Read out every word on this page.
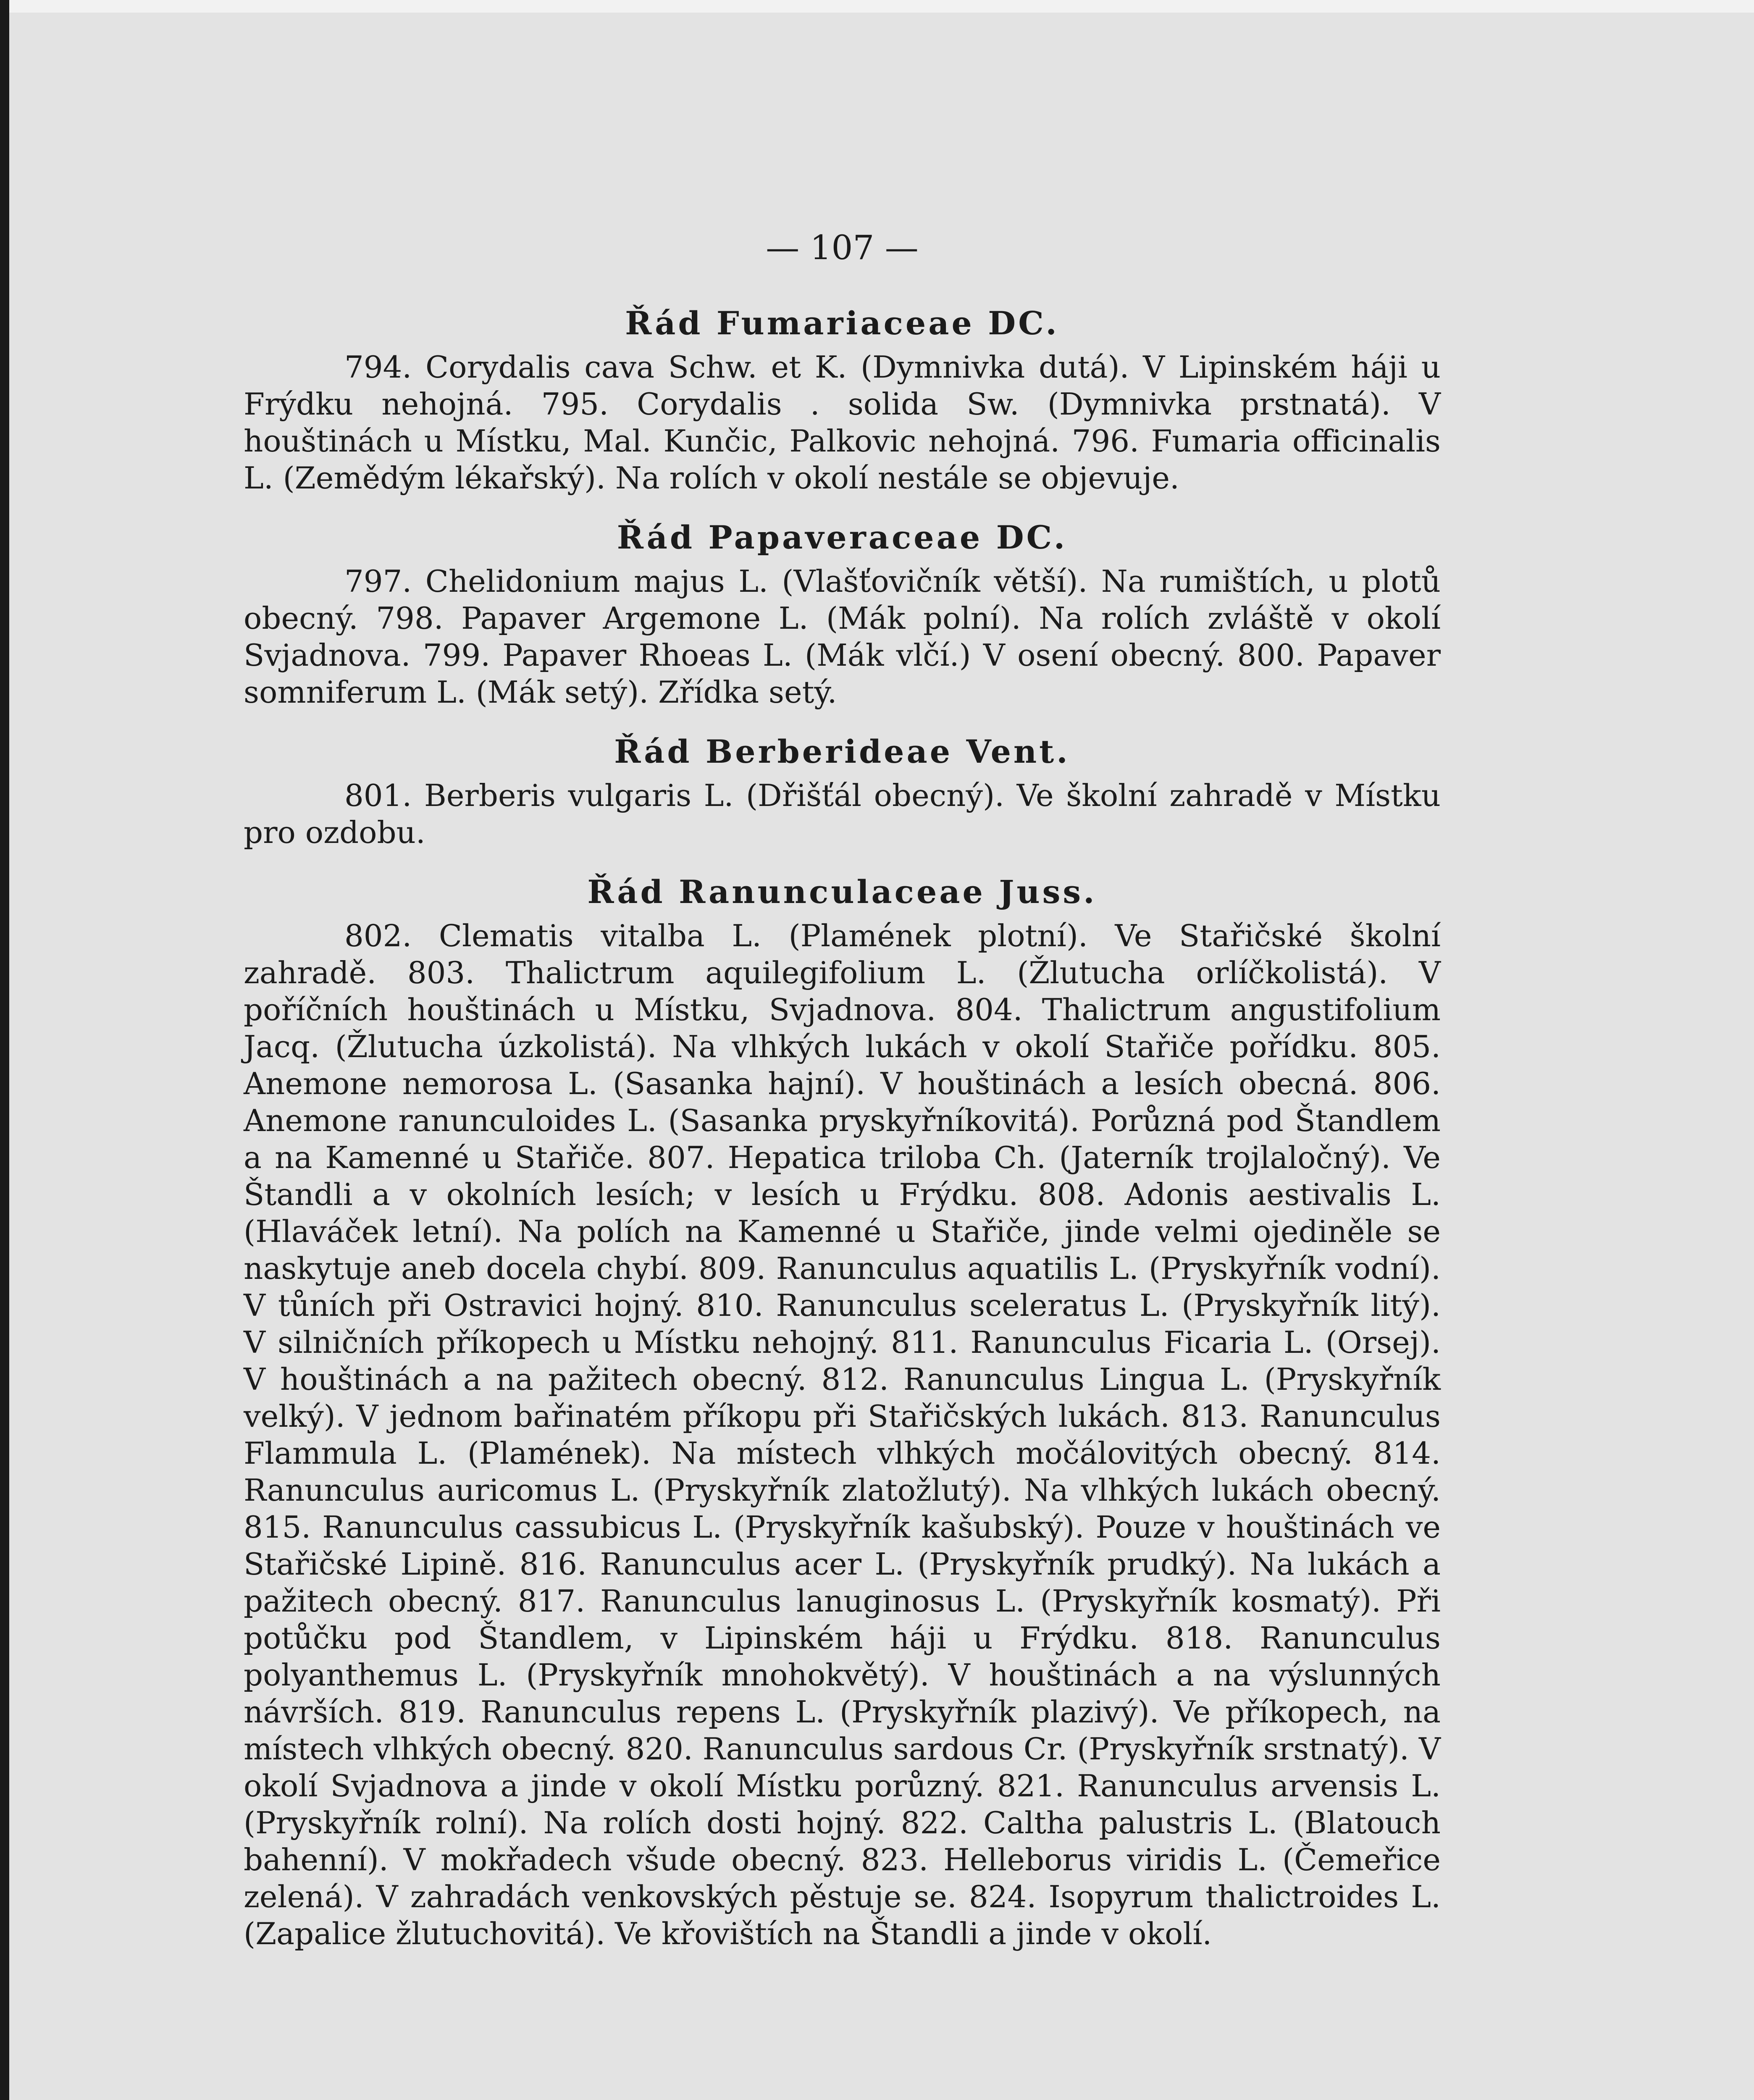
— 107 —
Řád Fumariaceae DC.

794. Corydalis cava Schw. et K. (Dymnivka dutá). V Lipinském háji u Frýdku nehojná. 795. Corydalis . solida Sw. (Dymnivka prstnatá). V houštinách u Místku, Mal. Kunčic, Palkovic nehojná. 796. Fumaria officinalis L. (Zemědým lékařský). Na rolích v okolí nestále se objevuje.

Řád Papaveraceae DC.

797. Chelidonium majus L. (Vlašťovičník větší). Na rumištích, u plotů obecný. 798. Papaver Argemone L. (Mák polní). Na rolích zvláště v okolí Svjadnova. 799. Papaver Rhoeas L. (Mák vlčí.) V osení obecný. 800. Papaver somniferum L. (Mák setý). Zřídka setý.

Řád Berberideae Vent.

801. Berberis vulgaris L. (Dřišťál obecný). Ve školní zahradě v Místku pro ozdobu.

Řád Ranunculaceae Juss.

802. Clematis vitalba L. (Plamének plotní). Ve Stařičské školní zahradě. 803. Thalictrum aquilegifolium L. (Žlutucha orlíčkolistá). V poříčních houštinách u Místku, Svjadnova. 804. Thalictrum angustifolium Jacq. (Žlutucha úzkolistá). Na vlhkých lukách v okolí Stařiče pořídku. 805. Anemone nemorosa L. (Sasanka hajní). V houštinách a lesích obecná. 806. Anemone ranunculoides L. (Sasanka pryskyřníkovitá). Porůzná pod Štandlem a na Kamenné u Stařiče. 807. Hepatica triloba Ch. (Jaterník trojlaločný). Ve Štandli a v okolních lesích; v lesích u Frýdku. 808. Adonis aestivalis L. (Hlaváček letní). Na polích na Kamenné u Stařiče, jinde velmi ojediněle se naskytuje aneb docela chybí. 809. Ranunculus aquatilis L. (Pryskyřník vodní). V tůních při Ostravici hojný. 810. Ranunculus sceleratus L. (Pryskyřník litý). V silničních příkopech u Místku nehojný. 811. Ranunculus Ficaria L. (Orsej). V houštinách a na pažitech obecný. 812. Ranunculus Lingua L. (Pryskyřník velký). V jednom bařinatém příkopu při Stařičských lukách. 813. Ranunculus Flammula L. (Plamének). Na místech vlhkých močálovitých obecný. 814. Ranunculus auricomus L. (Pryskyřník zlatožlutý). Na vlhkých lukách obecný. 815. Ranunculus cassubicus L. (Pryskyřník kašubský). Pouze v houštinách ve Stařičské Lipině. 816. Ranunculus acer L. (Pryskyřník prudký). Na lukách a pažitech obecný. 817. Ranunculus lanuginosus L. (Pryskyřník kosmatý). Při potůčku pod Štandlem, v Lipinském háji u Frýdku. 818. Ranunculus polyanthemus L. (Pryskyřník mnohokvětý). V houštinách a na výslunných návrších. 819. Ranunculus repens L. (Pryskyřník plazivý). Ve příkopech, na místech vlhkých obecný. 820. Ranunculus sardous Cr. (Pryskyřník srstnatý). V okolí Svjadnova a jinde v okolí Místku porůzný. 821. Ranunculus arvensis L. (Pryskyřník rolní). Na rolích dosti hojný. 822. Caltha palustris L. (Blatouch bahenní). V mokřadech všude obecný. 823. Helleborus viridis L. (Čemeřice zelená). V zahradách venkovských pěstuje se. 824. Isopyrum thalictroides L. (Zapalice žlutuchovitá). Ve křovištích na Štandli a jinde v okolí.
